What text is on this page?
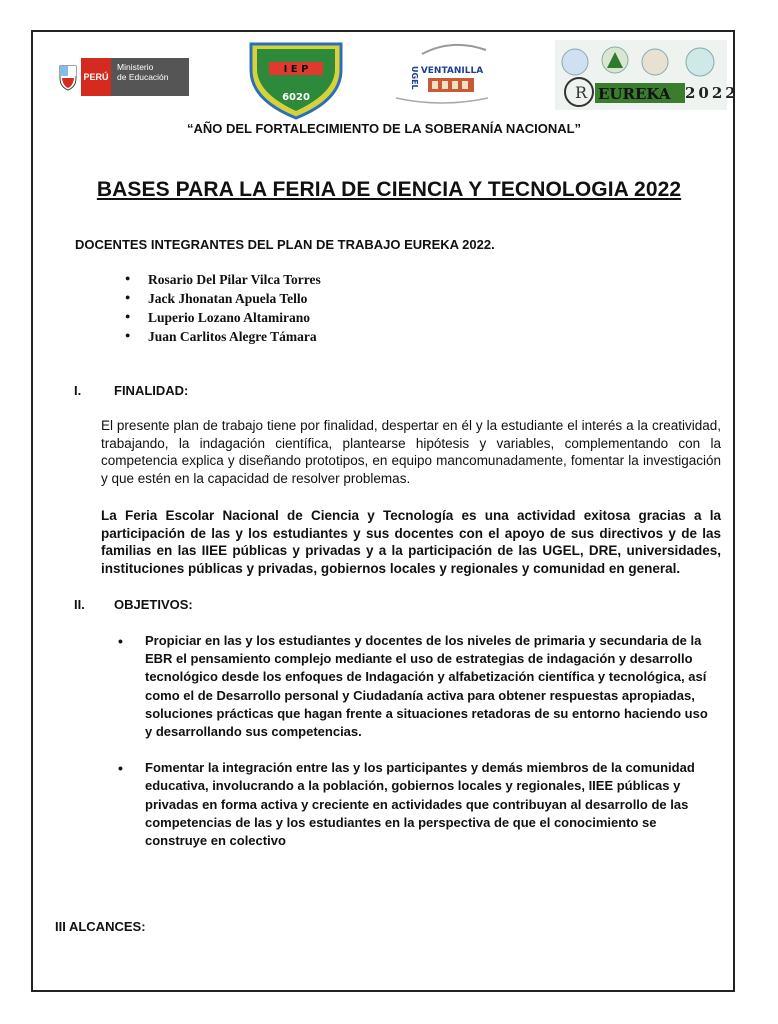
PERÚ
Ministerio
de Educación
I E P
6020
UGEL VENTANILLA
R EUREKA 2022
“AÑO DEL FORTALECIMIENTO DE LA SOBERANÍA NACIONAL”
BASES PARA LA FERIA DE CIENCIA Y TECNOLOGIA 2022
DOCENTES INTEGRANTES DEL PLAN DE TRABAJO EUREKA 2022.
● Rosario Del Pilar Vilca Torres
● Jack Jhonatan Apuela Tello
● Luperio Lozano Altamirano
● Juan Carlitos Alegre Támara
I.	FINALIDAD:

El presente plan de trabajo tiene por finalidad, despertar en él y la estudiante el interés a la creatividad, trabajando, la indagación científica, plantearse hipótesis y variables, complementando con la competencia explica y diseñando prototipos, en equipo mancomunadamente, fomentar la investigación y que estén en la capacidad de resolver problemas.

La Feria Escolar Nacional de Ciencia y Tecnología es una actividad exitosa gracias a la participación de las y los estudiantes y sus docentes con el apoyo de sus directivos y de las familias en las IIEE públicas y privadas y a la participación de las UGEL, DRE, universidades, instituciones públicas y privadas, gobiernos locales y regionales y comunidad en general.

II. OBJETIVOS:
• Propiciar en las y los estudiantes y docentes de los niveles de primaria y secundaria de la EBR el pensamiento complejo mediante el uso de estrategias de indagación y desarrollo tecnológico desde los enfoques de Indagación y alfabetización científica y tecnológica, así como el de Desarrollo personal y Ciudadanía activa para obtener respuestas apropiadas, soluciones prácticas que hagan frente a situaciones retadoras de su entorno haciendo uso y desarrollando sus competencias.
• Fomentar la integración entre las y los participantes y demás miembros de la comunidad educativa, involucrando a la población, gobiernos locales y regionales, IIEE públicas y privadas en forma activa y creciente en actividades que contribuyan al desarrollo de las competencias de las y los estudiantes en la perspectiva de que el conocimiento se construye en colectivo
III ALCANCES:
